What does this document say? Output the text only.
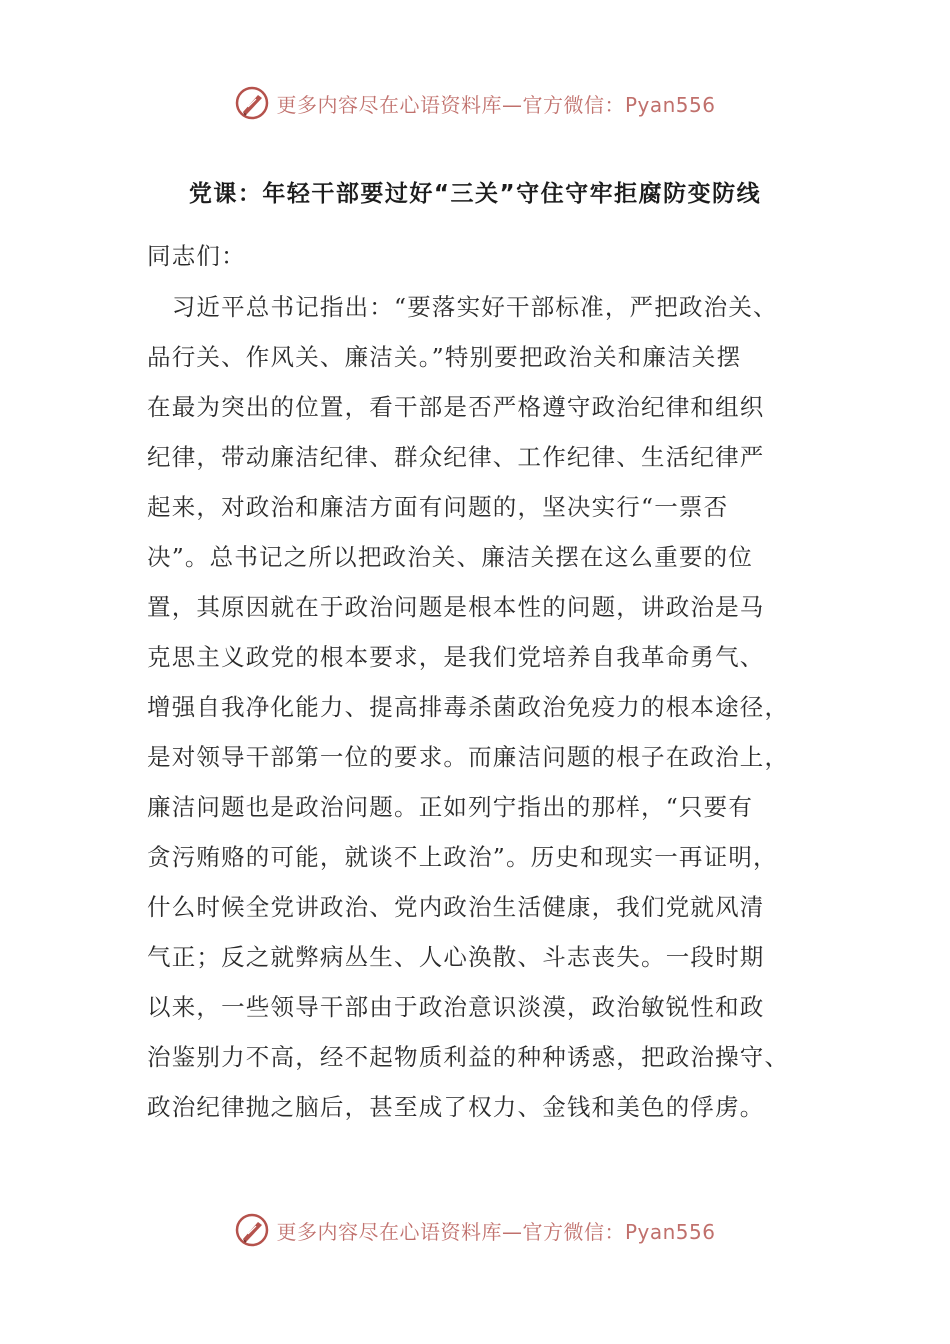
更多内容尽在心语资料库—官方微信：Pyan556
党课：年轻干部要过好“三关”守住守牢拒腐防变防线
同志们：
　习近平总书记指出：“要落实好干部标准，严把政治关、
品行关、作风关、廉洁关。”特别要把政治关和廉洁关摆
在最为突出的位置，看干部是否严格遵守政治纪律和组织
纪律，带动廉洁纪律、群众纪律、工作纪律、生活纪律严
起来，对政治和廉洁方面有问题的，坚决实行“一票否
决”。总书记之所以把政治关、廉洁关摆在这么重要的位
置，其原因就在于政治问题是根本性的问题，讲政治是马
克思主义政党的根本要求，是我们党培养自我革命勇气、
增强自我净化能力、提高排毒杀菌政治免疫力的根本途径，
是对领导干部第一位的要求。而廉洁问题的根子在政治上，
廉洁问题也是政治问题。正如列宁指出的那样，“只要有
贪污贿赂的可能，就谈不上政治”。历史和现实一再证明，
什么时候全党讲政治、党内政治生活健康，我们党就风清
气正；反之就弊病丛生、人心涣散、斗志丧失。一段时期
以来，一些领导干部由于政治意识淡漠，政治敏锐性和政
治鉴别力不高，经不起物质利益的种种诱惑，把政治操守、
政治纪律抛之脑后，甚至成了权力、金钱和美色的俘虏。
更多内容尽在心语资料库—官方微信：Pyan556
